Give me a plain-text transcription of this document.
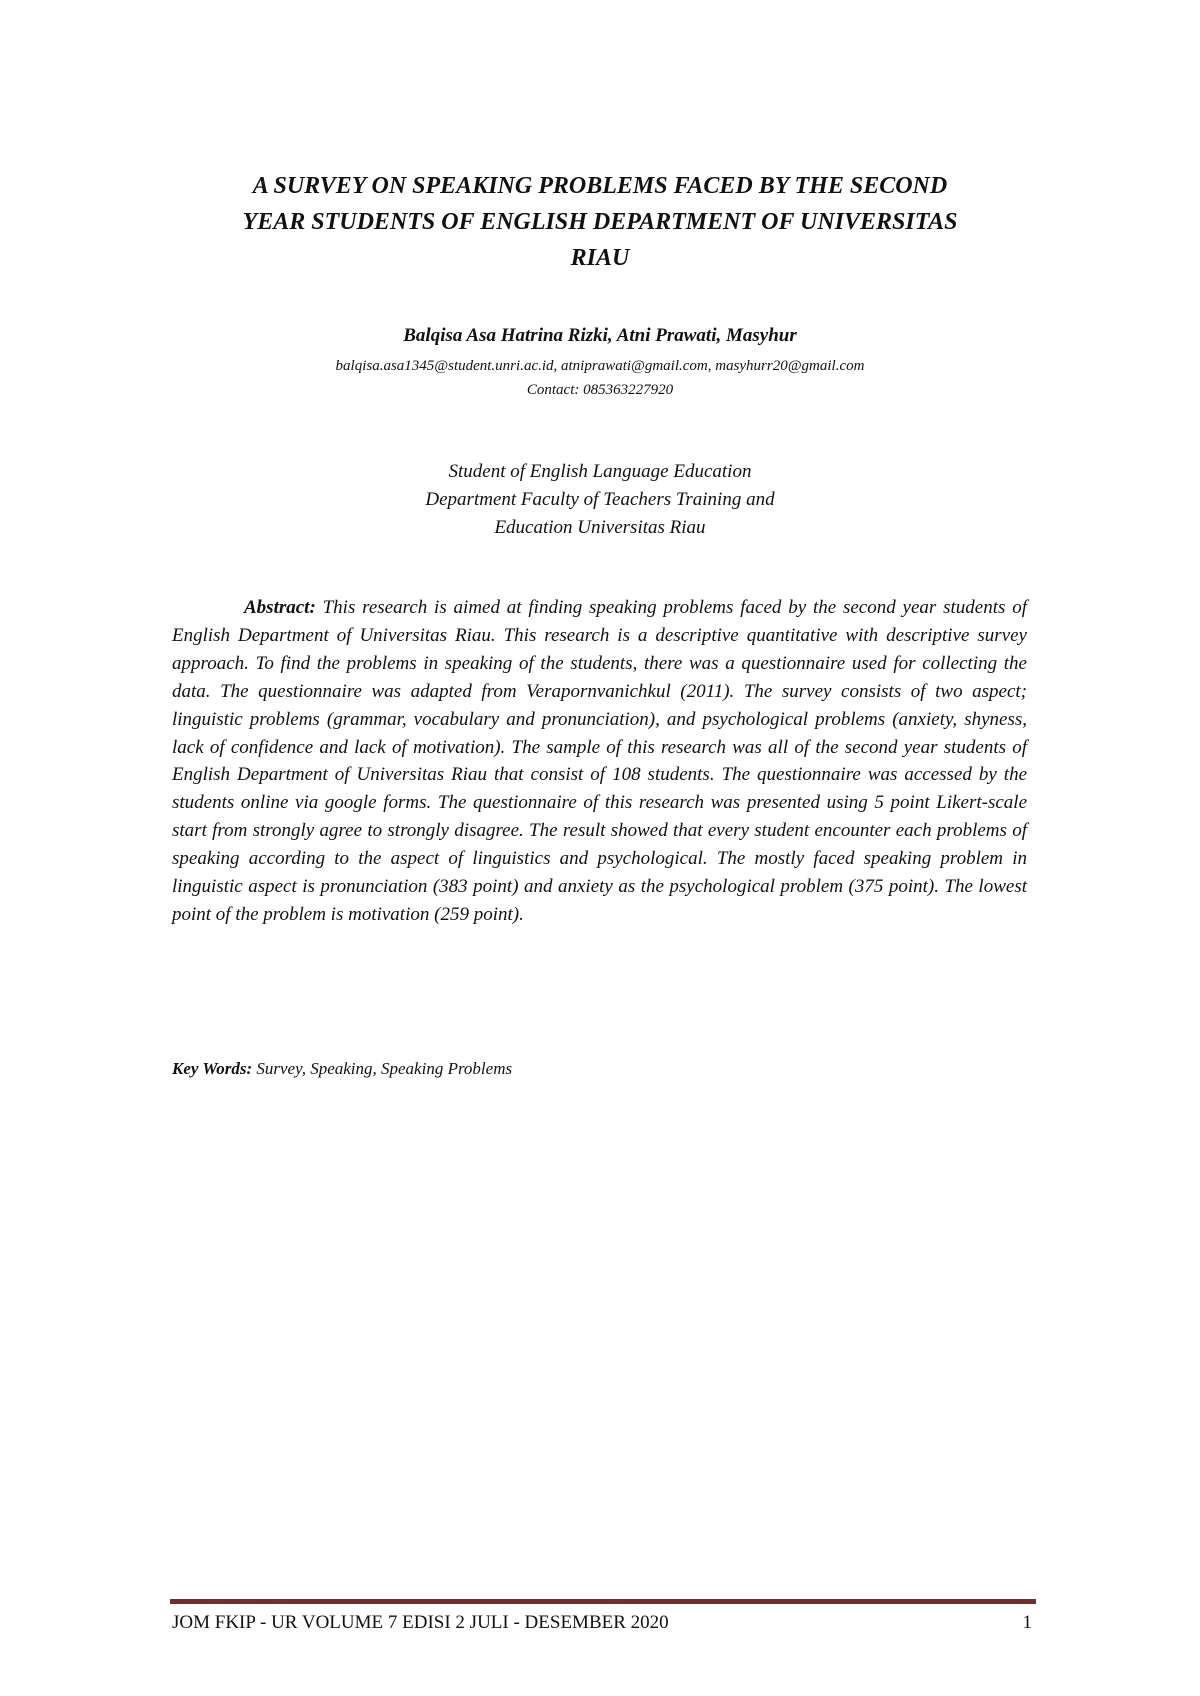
A SURVEY ON SPEAKING PROBLEMS FACED BY THE SECOND
YEAR STUDENTS OF ENGLISH DEPARTMENT OF UNIVERSITAS
RIAU
Balqisa Asa Hatrina Rizki, Atni Prawati, Masyhur
balqisa.asa1345@student.unri.ac.id, atniprawati@gmail.com, masyhurr20@gmail.com
Contact: 085363227920
Student of English Language Education
Department Faculty of Teachers Training and
Education Universitas Riau

Abstract: This research is aimed at finding speaking problems faced by the second year students of English Department of Universitas Riau. This research is a descriptive quantitative with descriptive survey approach. To find the problems in speaking of the students, there was a questionnaire used for collecting the data. The questionnaire was adapted from Verapornvanichkul (2011). The survey consists of two aspect; linguistic problems (grammar, vocabulary and pronunciation), and psychological problems (anxiety, shyness, lack of confidence and lack of motivation). The sample of this research was all of the second year students of English Department of Universitas Riau that consist of 108 students. The questionnaire was accessed by the students online via google forms. The questionnaire of this research was presented using 5 point Likert-scale start from strongly agree to strongly disagree. The result showed that every student encounter each problems of speaking according to the aspect of linguistics and psychological. The mostly faced speaking problem in linguistic aspect is pronunciation (383 point) and anxiety as the psychological problem (375 point). The lowest point of the problem is motivation (259 point).

Key Words: Survey, Speaking, Speaking Problems
JOM FKIP - UR VOLUME 7 EDISI 2 JULI - DESEMBER 2020	1
